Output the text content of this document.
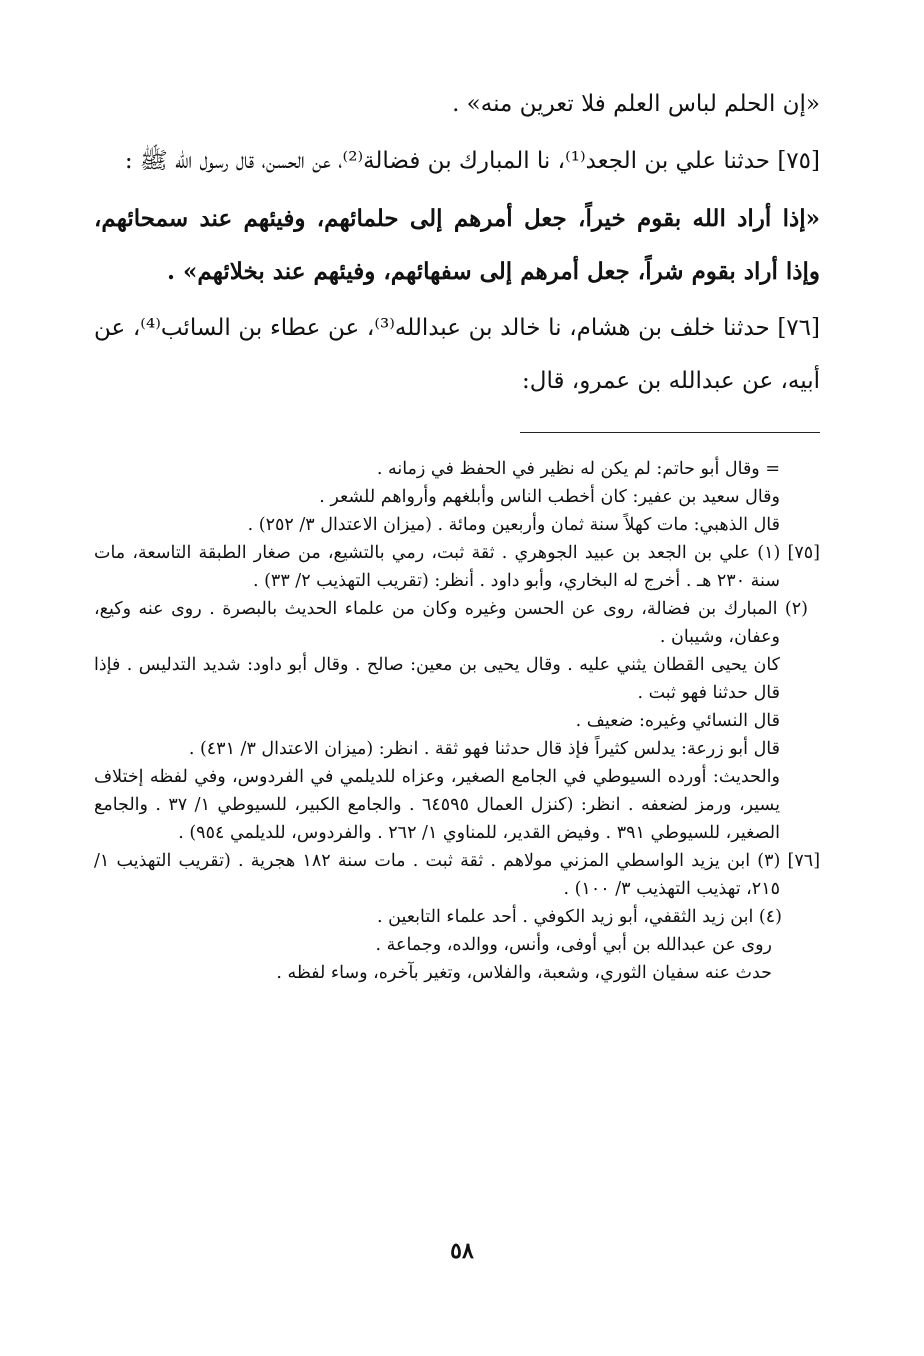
«إن الحلم لباس العلم فلا تعرين منه» .

[٧٥] حدثنا علي بن الجعد⁽¹⁾، نا المبارك بن فضالة⁽²⁾، عن الحسن، قال رسول الله ﷺ :

«إذا أراد الله بقوم خيراً، جعل أمرهم إلى حلمائهم، وفيئهم عند سمحائهم، وإذا أراد بقوم شراً، جعل أمرهم إلى سفهائهم، وفيئهم عند بخلائهم» .

[٧٦] حدثنا خلف بن هشام، نا خالد بن عبدالله⁽³⁾، عن عطاء بن السائب⁽⁴⁾، عن أبيه، عن عبدالله بن عمرو، قال:

= وقال أبو حاتم: لم يكن له نظير في الحفظ في زمانه .

وقال سعيد بن عفير: كان أخطب الناس وأبلغهم وأرواهم للشعر .

قال الذهبي: مات كهلاً سنة ثمان وأربعين ومائة . (ميزان الاعتدال ٣/ ٢٥٢) .

[٧٥] (١) علي بن الجعد بن عبيد الجوهري . ثقة ثبت، رمي بالتشيع، من صغار الطبقة التاسعة، مات سنة ٢٣٠ هـ . أخرج له البخاري، وأبو داود . أنظر: (تقريب التهذيب ٢/ ٣٣) .

(٢) المبارك بن فضالة، روى عن الحسن وغيره وكان من علماء الحديث بالبصرة . روى عنه وكيع، وعفان، وشيبان .

كان يحيى القطان يثني عليه . وقال يحيى بن معين: صالح . وقال أبو داود: شديد التدليس . فإذا قال حدثنا فهو ثبت .

قال النسائي وغيره: ضعيف .

قال أبو زرعة: يدلس كثيراً فإذ قال حدثنا فهو ثقة . انظر: (ميزان الاعتدال ٣/ ٤٣١) .

والحديث: أورده السيوطي في الجامع الصغير، وعزاه للديلمي في الفردوس، وفي لفظه إختلاف يسير، ورمز لضعفه . انظر: (كنزل العمال ٦٤٥٩٥ . والجامع الكبير، للسيوطي ١/ ٣٧ . والجامع الصغير، للسيوطي ٣٩١ . وفيض القدير، للمناوي ١/ ٢٦٢ . والفردوس، للديلمي ٩٥٤) .

[٧٦] (٣) ابن يزيد الواسطي المزني مولاهم . ثقة ثبت . مات سنة ١٨٢ هجرية . (تقريب التهذيب ١/ ٢١٥، تهذيب التهذيب ٣/ ١٠٠) .

(٤) ابن زيد الثقفي، أبو زيد الكوفي . أحد علماء التابعين .

روى عن عبدالله بن أبي أوفى، وأنس، ووالده، وجماعة .

حدث عنه سفيان الثوري، وشعبة، والفلاس، وتغير بآخره، وساء لفظه .

٥٨
